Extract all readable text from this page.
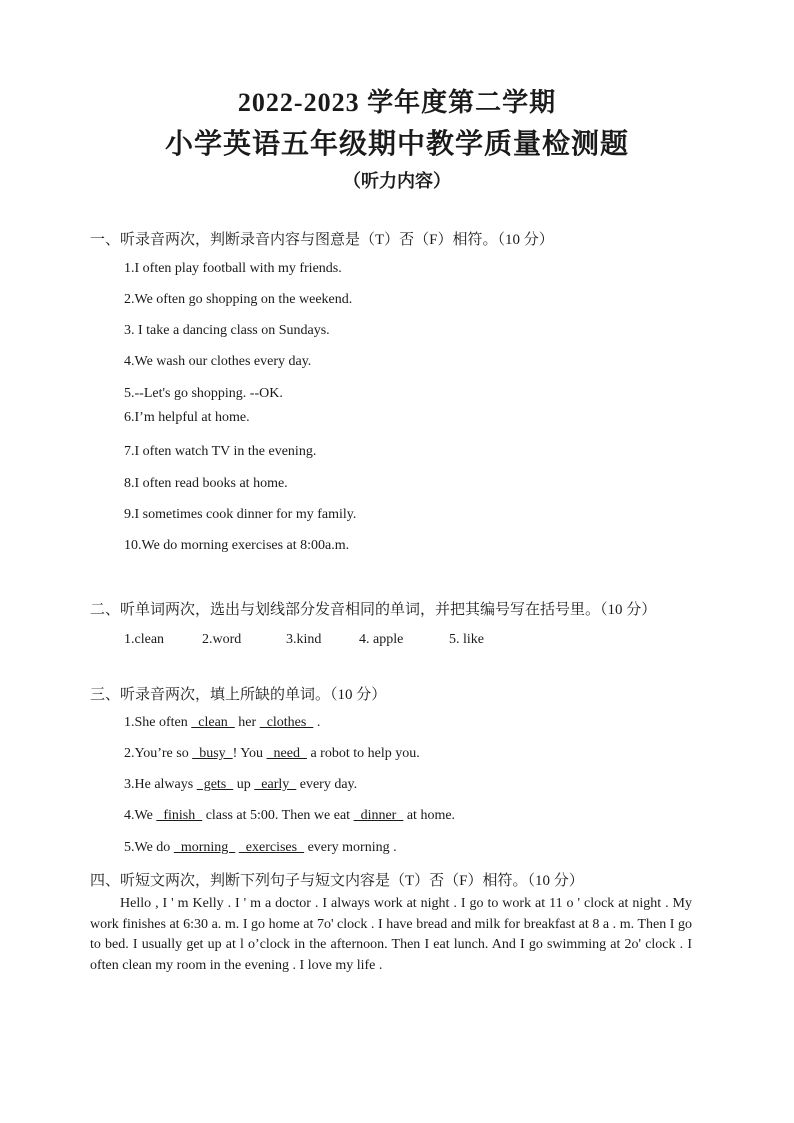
2022-2023 学年度第二学期
小学英语五年级期中教学质量检测题
（听力内容）
一、听录音两次，判断录音内容与图意是（T）否（F）相符。（10 分）
1.I often play football with my friends.
2.We often go shopping on the weekend.
3. I take a dancing class on Sundays.
4.We wash our clothes every day.
5.--Let's go shopping. --OK.
6.I’m helpful at home.
7.I often watch TV in the evening.
8.I often read books at home.
9.I sometimes cook dinner for my family.
10.We do morning exercises at 8:00a.m.
二、听单词两次，选出与划线部分发音相同的单词，并把其编号写在括号里。（10 分）
1.clean	2.word	3.kind	4. apple	5. like
三、听录音两次，填上所缺的单词。（10 分）
1.She often   clean   her   clothes   .
2.You’re so   busy  ! You   need   a robot to help you.
3.He always   gets   up   early   every day.
4.We   finish   class at 5:00. Then we eat   dinner   at home.
5.We do   morning     exercises   every morning .
四、听短文两次，判断下列句子与短文内容是（T）否（F）相符。（10 分）
Hello , I ' m Kelly . I ' m a doctor . I always work at night . I go to work at 11 o ' clock at night . My work finishes at 6:30 a. m. I go home at 7o' clock . I have bread and milk for breakfast at 8 a . m. Then I go to bed. I usually get up at l o’clock in the afternoon. Then I eat lunch. And I go swimming at 2o' clock . I often clean my room in the evening . I love my life .
